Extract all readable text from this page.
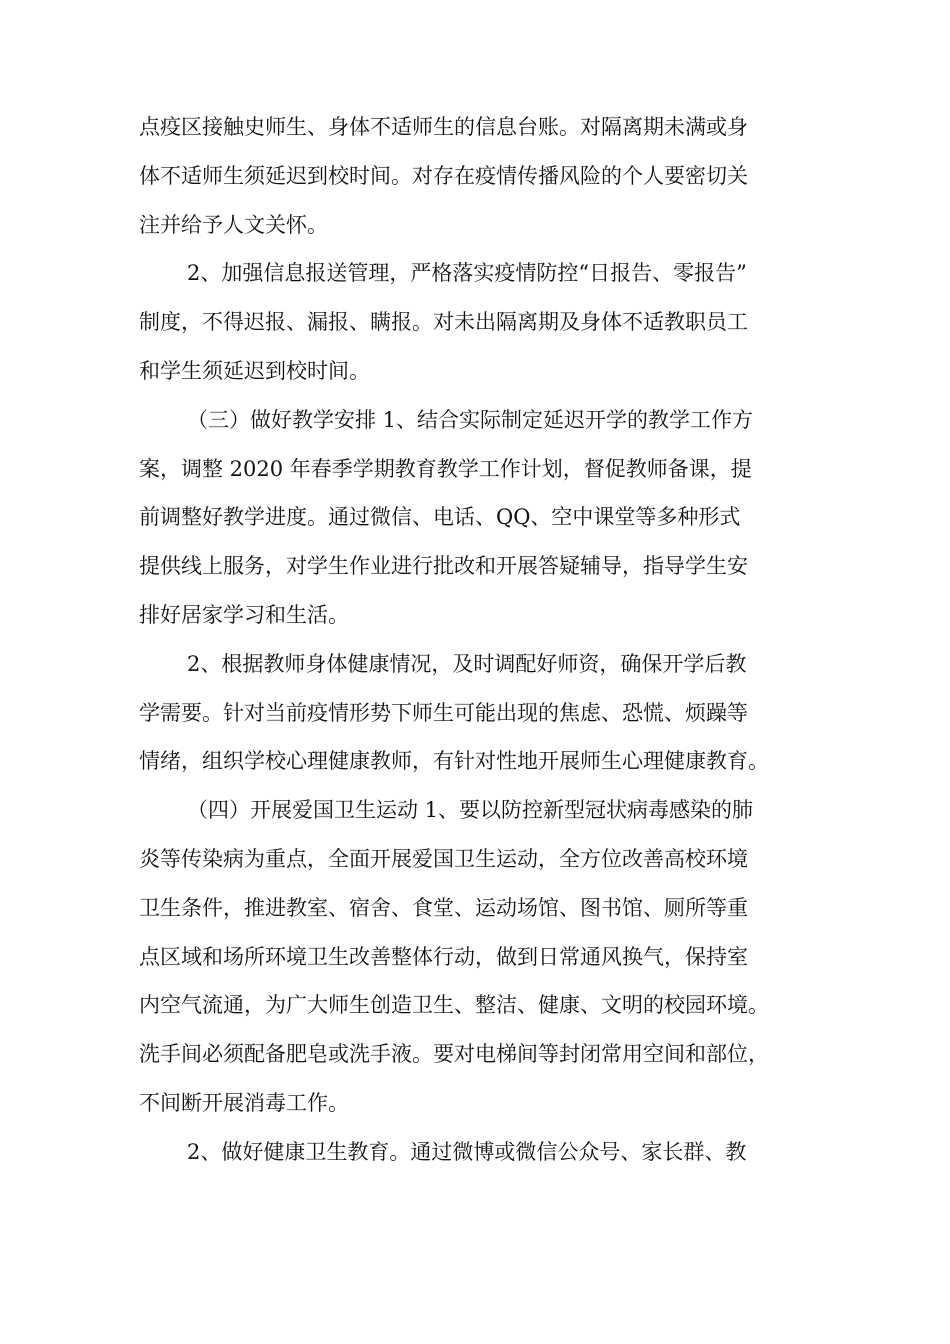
点疫区接触史师生、身体不适师生的信息台账。对隔离期未满或身
体不适师生须延迟到校时间。对存在疫情传播风险的个人要密切关
注并给予人文关怀。
2、加强信息报送管理，严格落实疫情防控“日报告、零报告”
制度，不得迟报、漏报、瞒报。对未出隔离期及身体不适教职员工
和学生须延迟到校时间。
（三）做好教学安排 1、结合实际制定延迟开学的教学工作方
案，调整 2020 年春季学期教育教学工作计划，督促教师备课，提
前调整好教学进度。通过微信、电话、QQ、空中课堂等多种形式
提供线上服务，对学生作业进行批改和开展答疑辅导，指导学生安
排好居家学习和生活。
2、根据教师身体健康情况，及时调配好师资，确保开学后教
学需要。针对当前疫情形势下师生可能出现的焦虑、恐慌、烦躁等
情绪，组织学校心理健康教师，有针对性地开展师生心理健康教育。
（四）开展爱国卫生运动 1、要以防控新型冠状病毒感染的肺
炎等传染病为重点，全面开展爱国卫生运动，全方位改善高校环境
卫生条件，推进教室、宿舍、食堂、运动场馆、图书馆、厕所等重
点区域和场所环境卫生改善整体行动，做到日常通风换气，保持室
内空气流通，为广大师生创造卫生、整洁、健康、文明的校园环境。
洗手间必须配备肥皂或洗手液。要对电梯间等封闭常用空间和部位，
不间断开展消毒工作。
2、做好健康卫生教育。通过微博或微信公众号、家长群、教
